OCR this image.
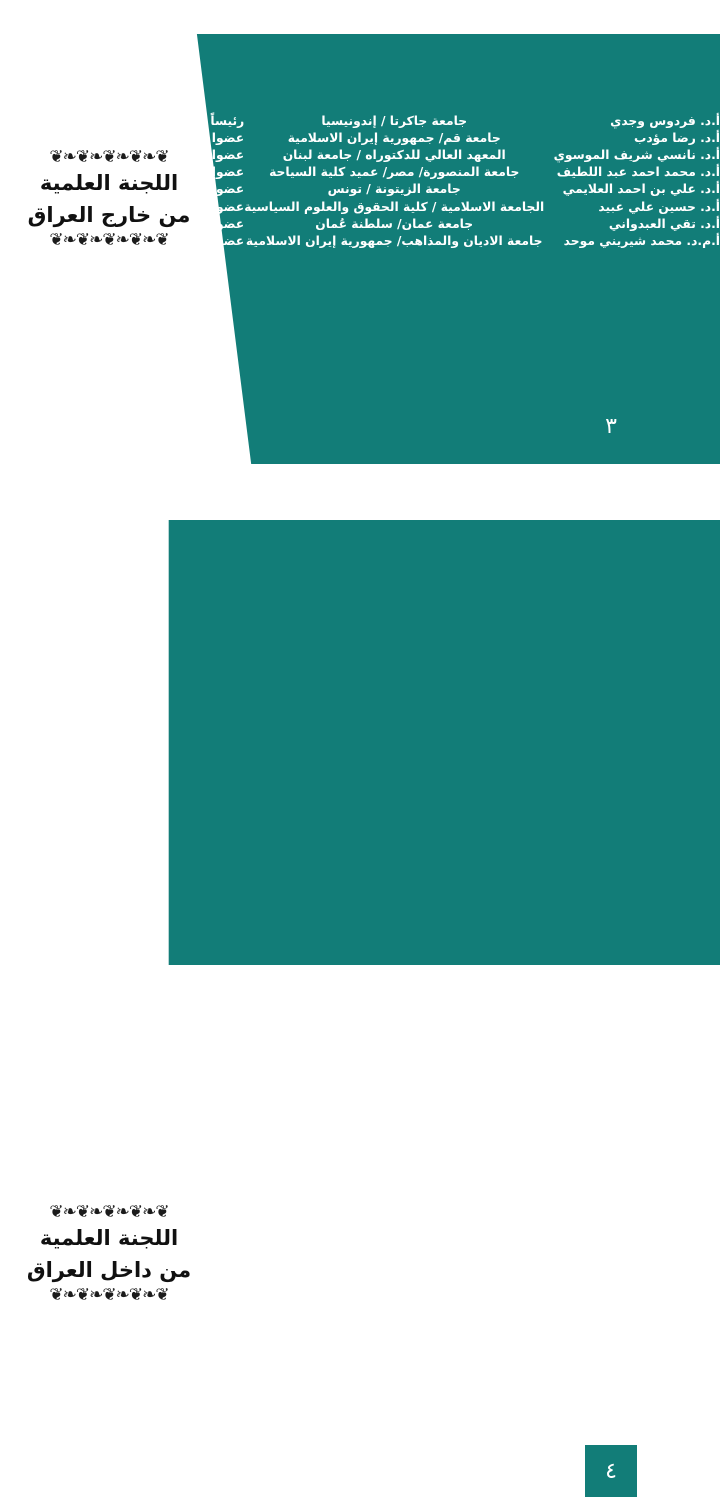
أ.د. فردوس وجدي	جامعة جاكرتا / إندونيسيا	رئيساً
أ.د. رضا مؤدب	جامعة قم/ جمهورية إيران الاسلامية	عضوا
أ.د. نانسي شريف الموسوي	المعهد العالي للدكتوراه / جامعة لبنان	عضوا
أ.د. محمد احمد عبد اللطيف	جامعة المنصورة/ مصر/ عميد كلية السياحة	عضوا
أ.د. علي بن احمد العلايمي	جامعة الزيتونة / تونس	عضوا
أ.د. حسين علي عبيد	الجامعة الاسلامية / كلية الحقوق والعلوم السياسية	عضوا
أ.د. تقي العبدواني	جامعة عمان/ سلطنة عُمان	عضوا
أ.م.د. محمد شيريني موحد	جامعة الاديان والمذاهب/ جمهورية إيران الاسلامية	عضوا
❦❧❦❧❦❧❦❧❦
اللجنة العلمية
من خارج العراق
❦❧❦❧❦❧❦❧❦
٣
أ.د. ابراهيم سعيد الحياوي	رئيس جامعة وارث الانبياء	رئيسا
أ.د. نعمة دهش	عميد كلية العلوم الاسلامية/ جامعة بغداد	عضوا
أ.د. ستار جبر الاعرجي	عميد كلية الفقه / جامعة الكوفة	عضوا
أ.د. سيروان الجنابي	عميد كلية التربية المختلطة/ جامعة الكوفة	عضوا
أ.د. ضرغام الموسوي	عميد كلية العلوم الاسلامية/ جامعة كربلاء	عضوا
أ.د. نعيم صباح جراح	عميد كلية الادارة والاقتصاد / جامعة البصرة	عضوا
أ.م.د. مالك منسي الحسيني	عميد كلية القانون / الجامعة المستنصرية	عضوا
أ.د. كامه ران اور حمان مجيد	كلية العلوم الاسلامية /جامعة السليمانية	عضوا
أ.د. مهند عبد الستار جميل	كلية العلوم الاسلامية/ جامعة تكريت	عضوا
أ.د. حسين سامي شير علي	كلية الفقه / جامعة الكوفة	عضوا
أ.د. حيدر جليل عباس	مسؤول شعبة الارشاد النفسي / الجامعة المستنصرية	عضوا
أ.د. ضياء عبد الله عبود جابر	كلية القانون/ جامعة كربلاء	عضوا
أ.م.د. علي صاحب الشريفي	عميد كلية القانون/ جامعة وارث الانبياء	عضوا
أ.م.د. نور الساعدي	معاون عميد كلية العلوم الاسلامية/ جامعة وارث الانبياء	عضوا
أ.م.د. فردوس العلوي	كلية العلوم الاسلامية/ جامعة وارث الانبياء	عضوا
أ.م.د. حكيم السلطاني	كلية العلوم الاسلامية/ جامعة وارث الانبياء	عضوا
❦❧❦❧❦❧❦❧❦
اللجنة العلمية
من داخل العراق
❦❧❦❧❦❧❦❧❦
٤
